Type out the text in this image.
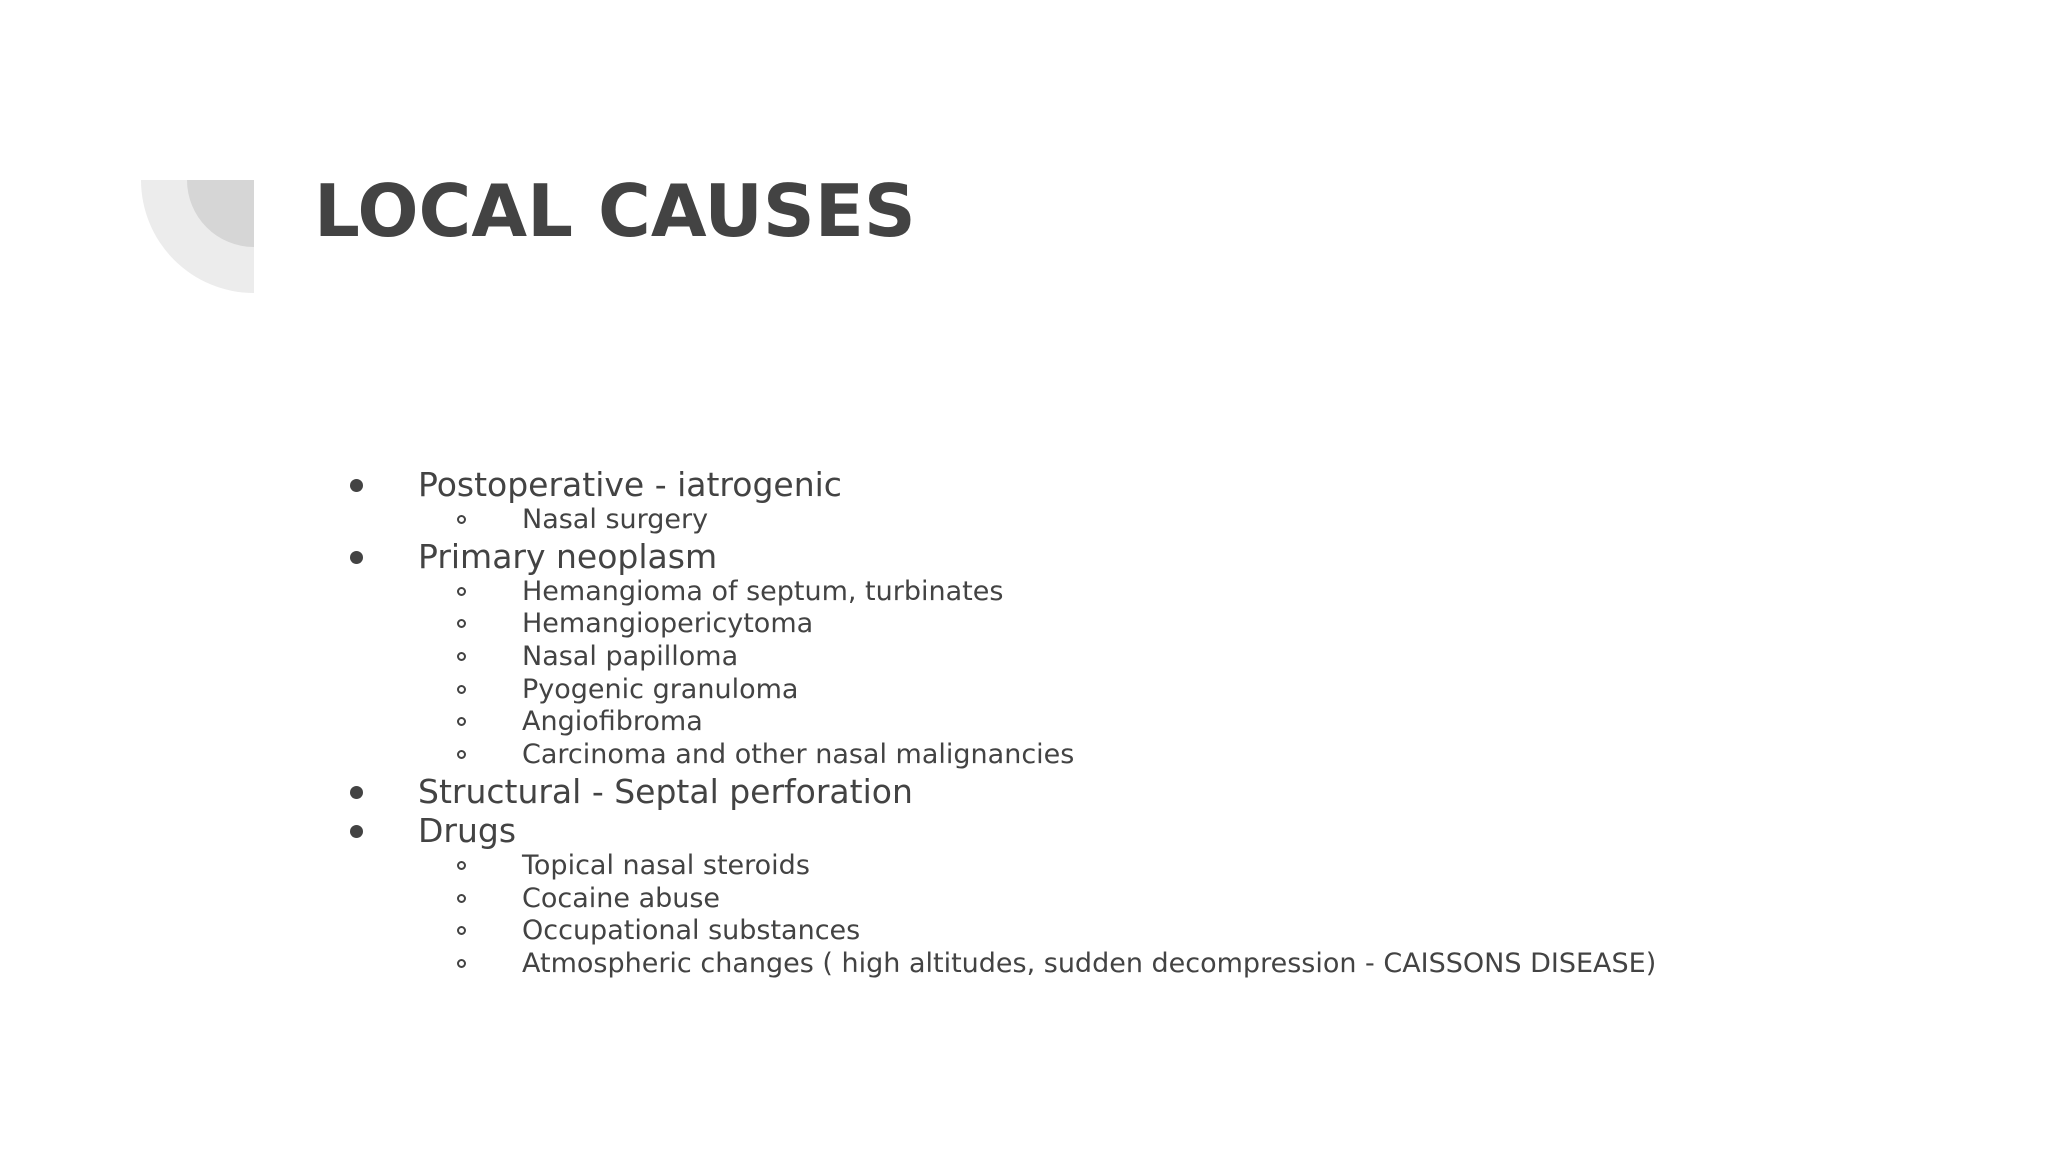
LOCAL CAUSES
Postoperative - iatrogenic
Nasal surgery
Primary neoplasm
Hemangioma of septum, turbinates
Hemangiopericytoma
Nasal papilloma
Pyogenic granuloma
Angiofibroma
Carcinoma and other nasal malignancies
Structural - Septal perforation
Drugs
Topical nasal steroids
Cocaine abuse
Occupational substances
Atmospheric changes ( high altitudes, sudden decompression - CAISSONS DISEASE)
